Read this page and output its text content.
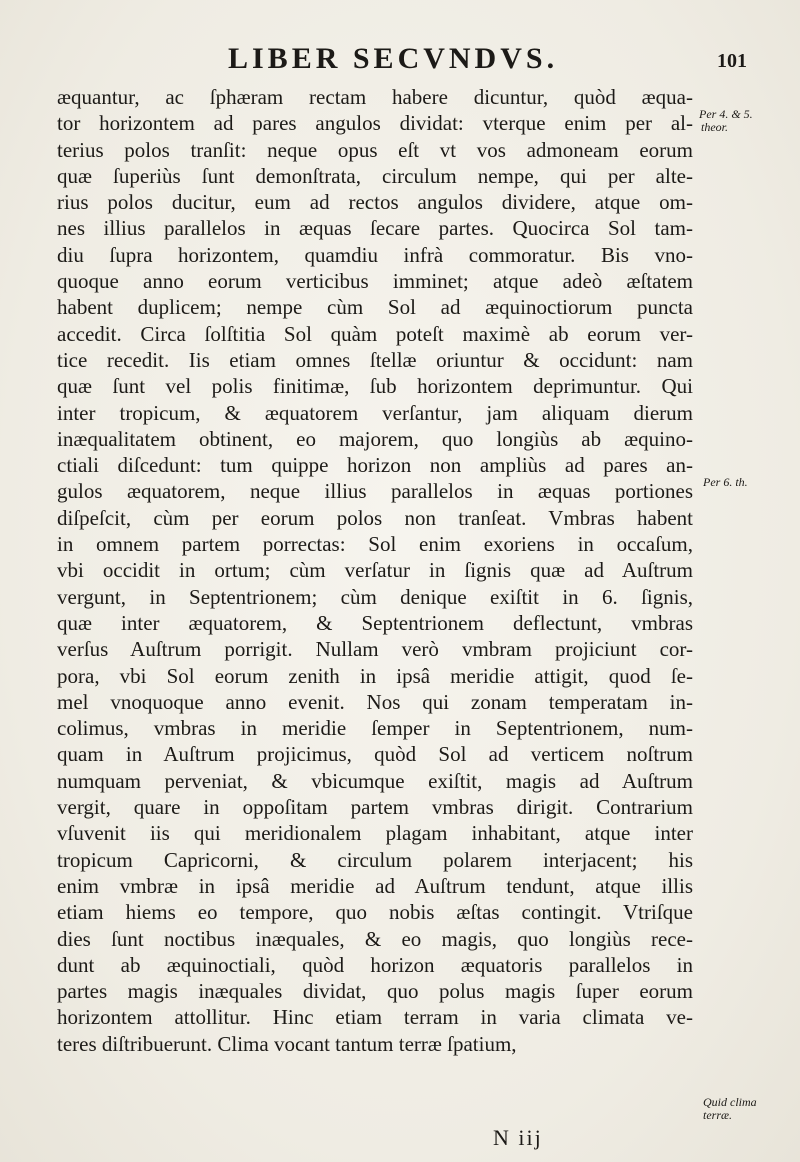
LIBER SECVNDVS.	101
æquantur, ac ſphæram rectam habere dicuntur, quòd æqua-
tor horizontem ad pares angulos dividat: vterque enim per al-
terius polos tranſit: neque opus eſt vt vos admoneam eorum
quæ ſuperiùs ſunt demonſtrata, circulum nempe, qui per alte-
rius polos ducitur, eum ad rectos angulos dividere, atque om-
nes illius parallelos in æquas ſecare partes. Quocirca Sol tam-
diu ſupra horizontem, quamdiu infrà commoratur. Bis vno-
quoque anno eorum verticibus imminet; atque adeò æſtatem
habent duplicem; nempe cùm Sol ad æquinoctiorum puncta
accedit. Circa ſolſtitia Sol quàm poteſt maximè ab eorum ver-
tice recedit. Iis etiam omnes ſtellæ oriuntur & occidunt: nam
quæ ſunt vel polis finitimæ, ſub horizontem deprimuntur. Qui
inter tropicum, & æquatorem verſantur, jam aliquam dierum
inæqualitatem obtinent, eo majorem, quo longiùs ab æquino-
ctiali diſcedunt: tum quippe horizon non ampliùs ad pares an-
gulos æquatorem, neque illius parallelos in æquas portiones
diſpeſcit, cùm per eorum polos non tranſeat. Vmbras habent
in omnem partem porrectas: Sol enim exoriens in occaſum,
vbi occidit in ortum; cùm verſatur in ſignis quæ ad Auſtrum
vergunt, in Septentrionem; cùm denique exiſtit in 6. ſignis,
quæ inter æquatorem, & Septentrionem deflectunt, vmbras
verſus Auſtrum porrigit. Nullam verò vmbram projiciunt cor-
pora, vbi Sol eorum zenith in ipsâ meridie attigit, quod ſe-
mel vnoquoque anno evenit. Nos qui zonam temperatam in-
colimus, vmbras in meridie ſemper in Septentrionem, num-
quam in Auſtrum projicimus, quòd Sol ad verticem noſtrum
numquam perveniat, & vbicumque exiſtit, magis ad Auſtrum
vergit, quare in oppoſitam partem vmbras dirigit. Contrarium
vſuvenit iis qui meridionalem plagam inhabitant, atque inter
tropicum Capricorni, & circulum polarem interjacent; his
enim vmbræ in ipsâ meridie ad Auſtrum tendunt, atque illis
etiam hiems eo tempore, quo nobis æſtas contingit. Vtriſque
dies ſunt noctibus inæquales, & eo magis, quo longiùs rece-
dunt ab æquinoctiali, quòd horizon æquatoris parallelos in
partes magis inæquales dividat, quo polus magis ſuper eorum
horizontem attollitur. Hinc etiam terram in varia climata ve-
teres diſtribuerunt. Clima vocant tantum terræ ſpatium,
Per 4. & 5.
theor.
Per 6. th.
Quid clima
terræ.
N iij
